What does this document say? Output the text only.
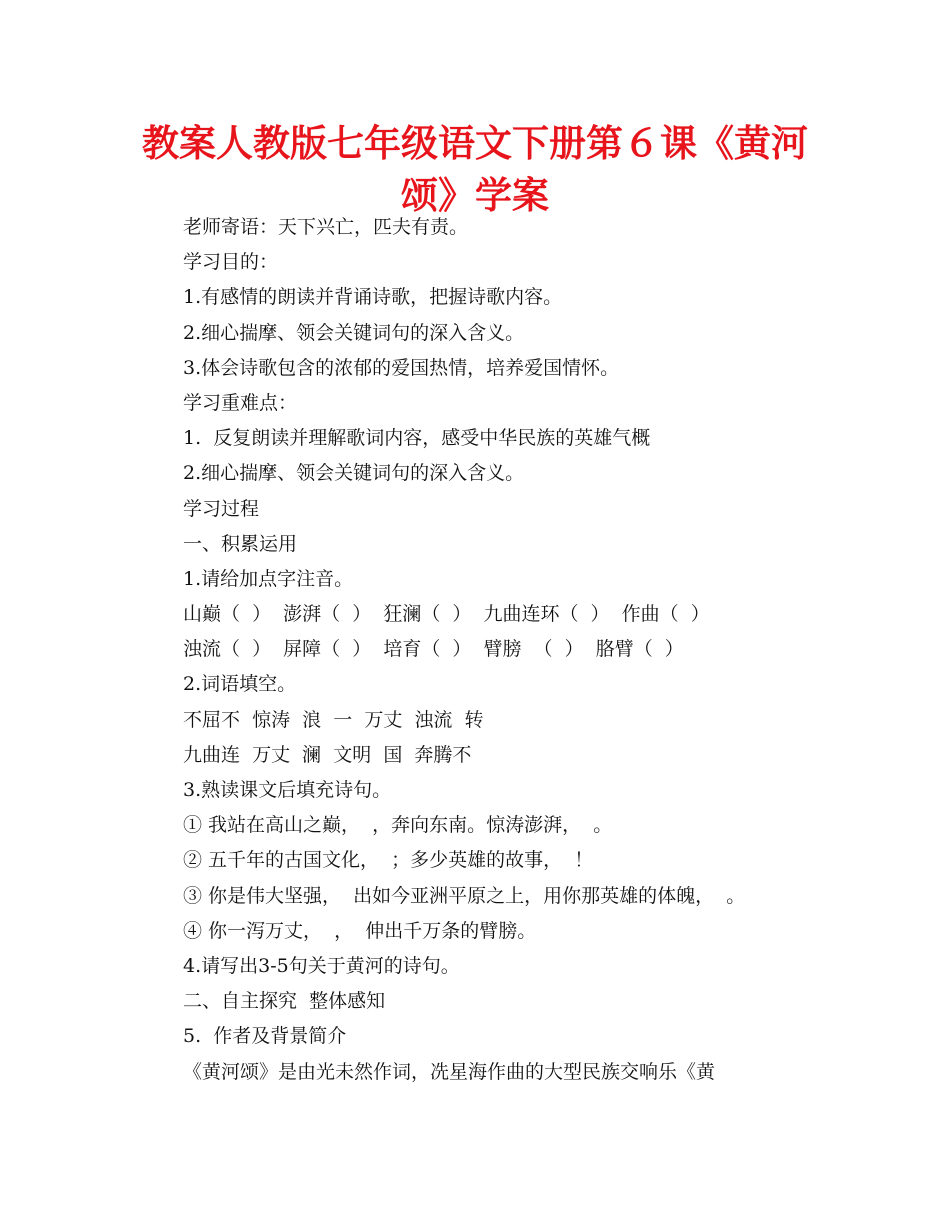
教案人教版七年级语文下册第６课《黄河颂》学案
老师寄语：天下兴亡，匹夫有责。
学习目的：
1.有感情的朗读并背诵诗歌，把握诗歌内容。
2.细心揣摩、领会关键词句的深入含义。
3.体会诗歌包含的浓郁的爱国热情，培养爱国情怀。
学习重难点：
1.  反复朗读并理解歌词内容，感受中华民族的英雄气概
2.细心揣摩、领会关键词句的深入含义。
学习过程
一、积累运用
1.请给加点字注音。
山巅（  ）  澎湃（  ）  狂澜（  ）  九曲连环（  ）  作曲（  ）
浊流（  ）  屏障（  ）  培育（  ）  臂膀  （  ）  胳臂（  ）
2.词语填空。
不屈不  惊涛  浪  一  万丈  浊流  转
九曲连  万丈  澜  文明  国  奔腾不
3.熟读课文后填充诗句。
① 我站在高山之巅，  ，奔向东南。惊涛澎湃，  。
② 五千年的古国文化，  ；多少英雄的故事，  ！
③ 你是伟大坚强，  出如今亚洲平原之上，用你那英雄的体魄，  。
④ 你一泻万丈，  ，  伸出千万条的臂膀。
4.请写出3-5句关于黄河的诗句。
二、自主探究  整体感知
5.  作者及背景简介
《黄河颂》是由光未然作词，冼星海作曲的大型民族交响乐《黄
